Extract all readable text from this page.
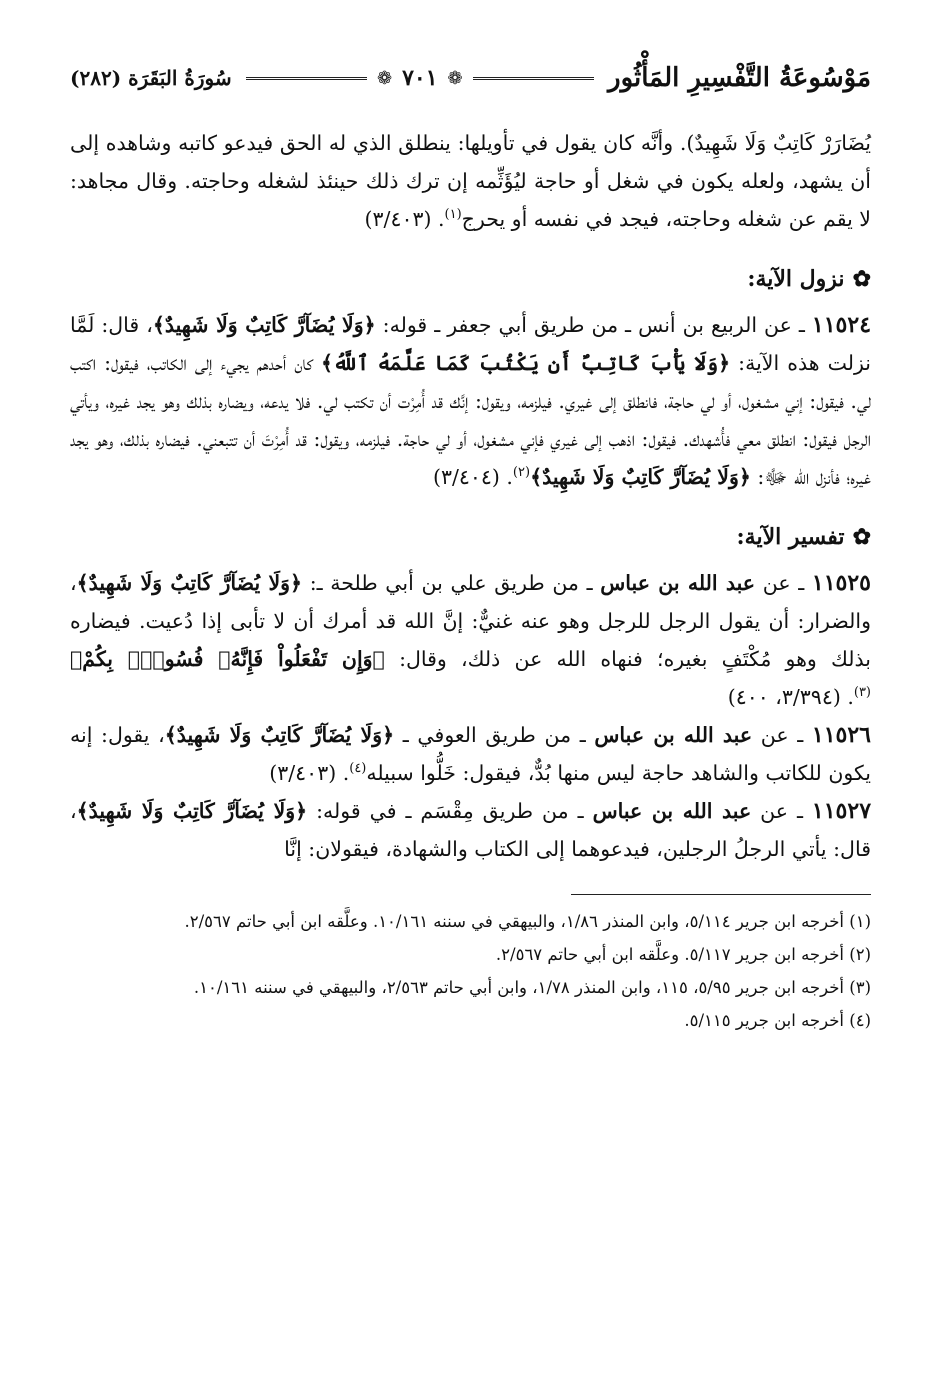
مَوْسُوعَةُ التَّفْسِيرِ المَأْثُور
❁
٧٠١
❁
سُورَةُ البَقَرَة (٢٨٢)

يُضَارَرْ كَاتِبٌ وَلَا شَهِيدٌ). وأنَّه كان يقول في تأويلها: ينطلق الذي له الحق فيدعو كاتبه وشاهده إلى أن يشهد، ولعله يكون في شغل أو حاجة ليُؤَثِّمه إن ترك ذلك حينئذ لشغله وحاجته. وقال مجاهد: لا يقم عن شغله وحاجته، فيجد في نفسه أو يحرج$^{(١)}$. (٣/٤٠٣)

✿
نزول الآية:

١١٥٢٤ ـ عن الربيع بن أنس ـ من طريق أبي جعفر ـ قوله: ﴿وَلَا يُضَآرَّ كَاتِبٌ وَلَا شَهِيدٌ﴾، قال: لَمَّا نزلت هذه الآية: ﴿وَلَا يَأْبَ كَاتِبٌ أَن يَكْتُبَ كَمَا عَلَّمَهُ ٱللَّهُ﴾ كان أحدهم يجيء إلى الكاتب، فيقول: اكتب لي. فيقول: إني مشغول، أو لي حاجة، فانطلق إلى غيري. فيلزمه، ويقول: إنَّك قد أُمِرْت أن تكتب لي. فلا يدعه، ويضاره بذلك وهو يجد غيره، ويأتي الرجل فيقول: انطلق معي فأُشهدك. فيقول: اذهب إلى غيري فإني مشغول، أو لي حاجة. فيلزمه، ويقول: قد أُمِرْتَ أن تتبعني. فيضاره بذلك، وهو يجد غيره؛ فأنزل الله ﷻ: ﴿وَلَا يُضَآرَّ كَاتِبٌ وَلَا شَهِيدٌ﴾$^{(٢)}$. (٣/٤٠٤)

✿
تفسير الآية:

١١٥٢٥ ـ عن عبد الله بن عباس ـ من طريق علي بن أبي طلحة ـ: ﴿وَلَا يُضَآرَّ كَاتِبٌ وَلَا شَهِيدٌ﴾، والضرار: أن يقول الرجل للرجل وهو عنه غنيٌّ: إنَّ الله قد أمرك أن لا تأبى إذا دُعيت. فيضاره بذلك وهو مُكْتَفٍ بغيره؛ فنهاه الله عن ذلك، وقال: ﴿وَإِن تَفْعَلُواْ فَإِنَّهُۥ فُسُوقٌۢ بِكُمْ﴾$^{(٣)}$. (٣/٣٩٤، ٤٠٠)

١١٥٢٦ ـ عن عبد الله بن عباس ـ من طريق العوفي ـ ﴿وَلَا يُضَآرَّ كَاتِبٌ وَلَا شَهِيدٌ﴾، يقول: إنه يكون للكاتب والشاهد حاجة ليس منها بُدٌّ، فيقول: خَلُّوا سبيله$^{(٤)}$. (٣/٤٠٣)

١١٥٢٧ ـ عن عبد الله بن عباس ـ من طريق مِقْسَم ـ في قوله: ﴿وَلَا يُضَآرَّ كَاتِبٌ وَلَا شَهِيدٌ﴾، قال: يأتي الرجلُ الرجلين، فيدعوهما إلى الكتاب والشهادة، فيقولان: إنَّا

(١) أخرجه ابن جرير ٥/١١٤، وابن المنذر ١/٨٦، والبيهقي في سننه ١٠/١٦١. وعلَّقه ابن أبي حاتم ٢/٥٦٧.

(٢) أخرجه ابن جرير ٥/١١٧. وعلَّقه ابن أبي حاتم ٢/٥٦٧.

(٣) أخرجه ابن جرير ٥/٩٥، ١١٥، وابن المنذر ١/٧٨، وابن أبي حاتم ٢/٥٦٣، والبيهقي في سننه ١٠/١٦١.

(٤) أخرجه ابن جرير ٥/١١٥.
